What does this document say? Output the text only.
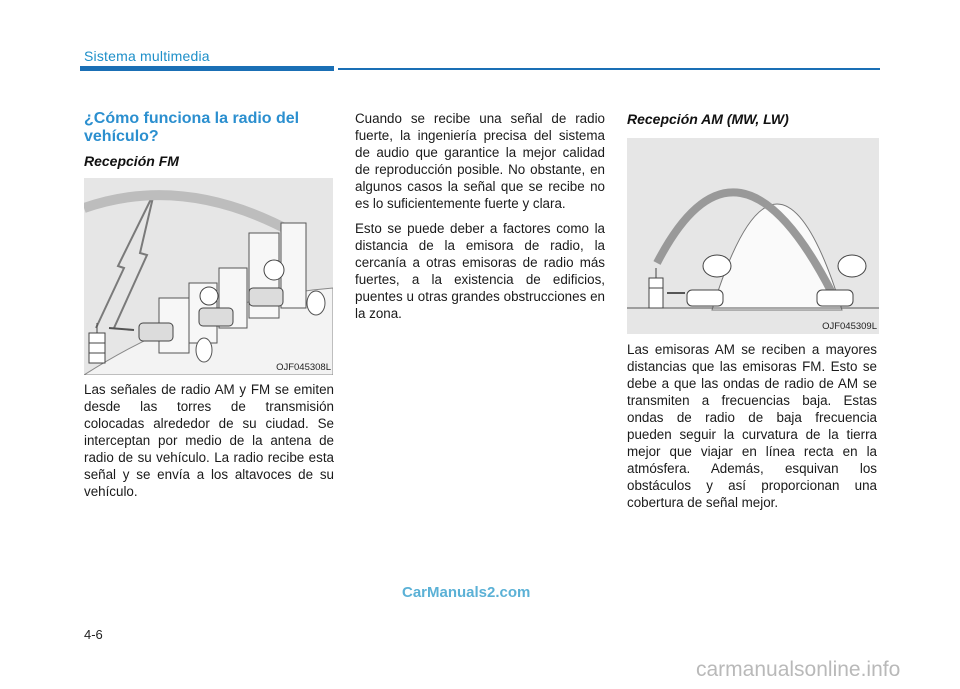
Sistema multimedia
¿Cómo funciona la radio del vehículo?
Recepción FM
OJF045308L

Las señales de radio AM y FM se emiten desde las torres de transmisión colocadas alrededor de su ciudad. Se interceptan por medio de la antena de radio de su vehículo. La radio recibe esta señal y se envía a los altavoces de su vehículo.

Cuando se recibe una señal de radio fuerte, la ingeniería precisa del sistema de audio que garantice la mejor calidad de reproducción posible. No obstante, en algunos casos la señal que se recibe no es lo suficientemente fuerte y clara.

Esto se puede deber a factores como la distancia de la emisora de radio, la cercanía a otras emisoras de radio más fuertes, a la existencia de edificios, puentes u otras grandes obstrucciones en la zona.

Recepción AM (MW, LW)
OJF045309L

Las emisoras AM se reciben a mayores distancias que las emisoras FM. Esto se debe a que las ondas de radio de AM se transmiten a frecuencias baja. Estas ondas de radio de baja frecuencia pueden seguir la curvatura de la tierra mejor que viajar en línea recta en la atmósfera. Además, esquivan los obstáculos y así proporcionan una cobertura de señal mejor.

CarManuals2.com
4-6
carmanualsonline.info
